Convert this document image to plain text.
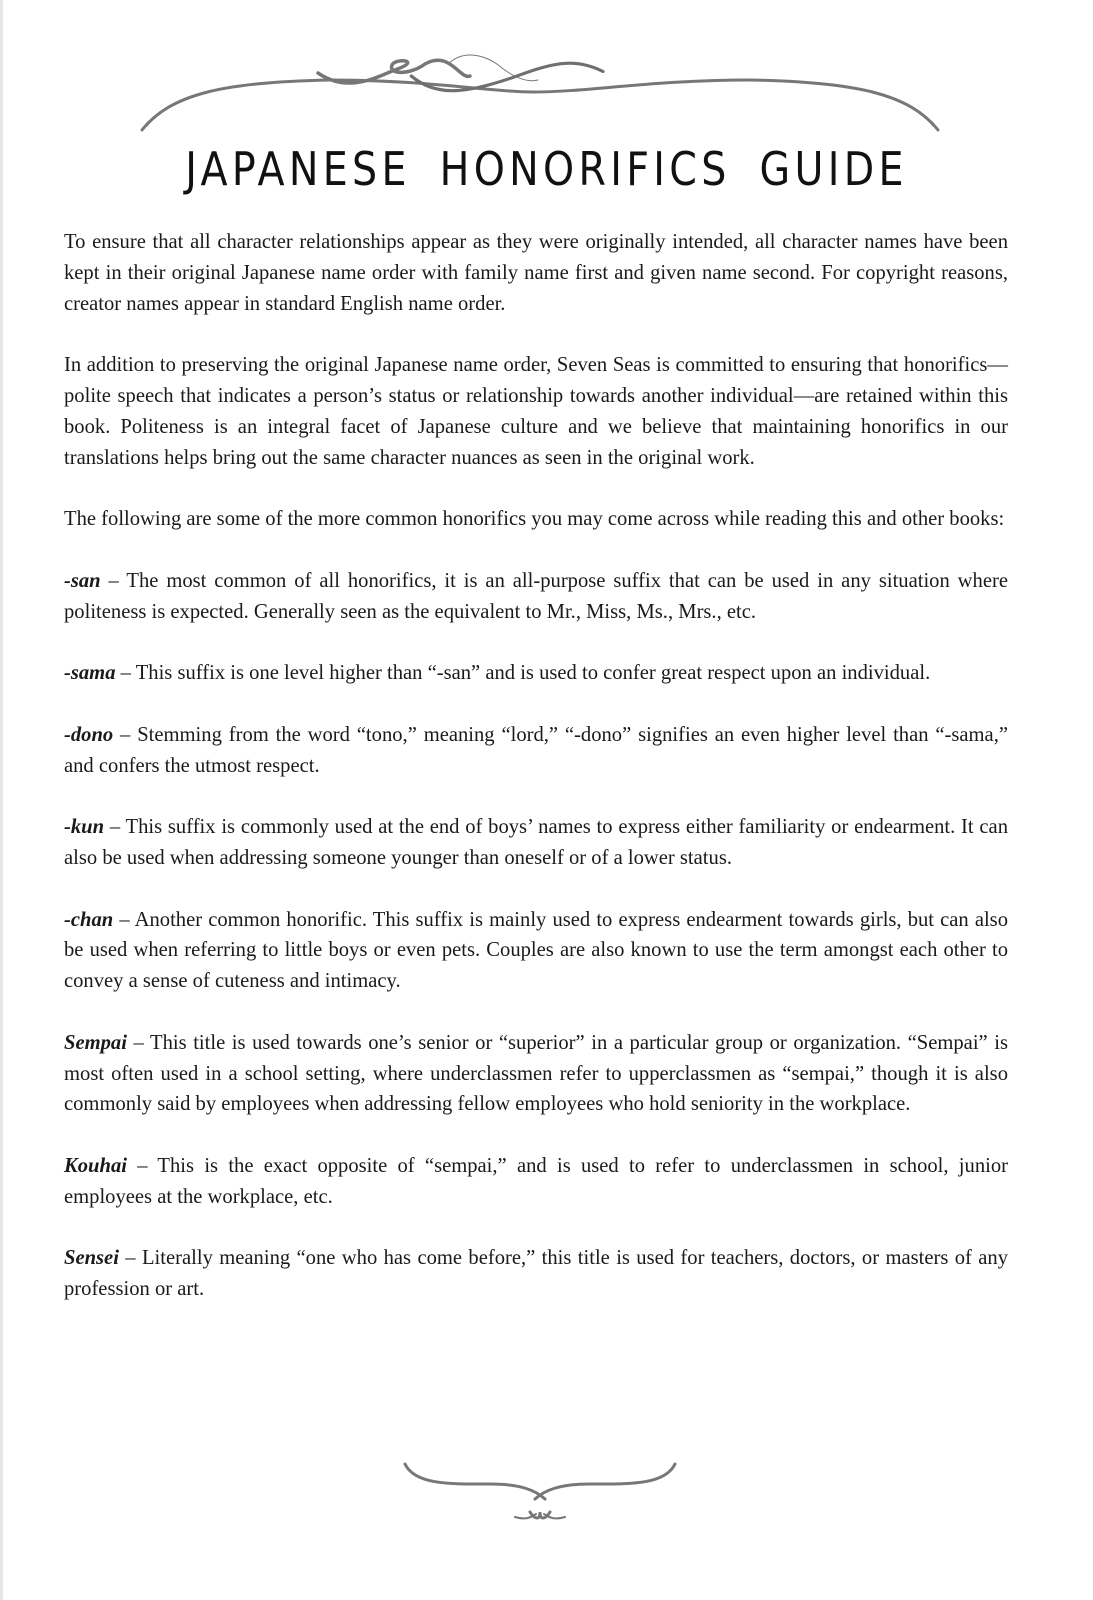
JAPANESE HONORIFICS GUIDE

To ensure that all character relationships appear as they were originally intended, all character names have been kept in their original Japanese name order with family name first and given name second. For copyright reasons, creator names appear in standard English name order.

In addition to preserving the original Japanese name order, Seven Seas is committed to ensuring that honorifics—polite speech that indicates a person’s status or relationship towards another individual—are retained within this book. Politeness is an integral facet of Japanese culture and we believe that maintaining honorifics in our translations helps bring out the same character nuances as seen in the original work.

The following are some of the more common honorifics you may come across while reading this and other books:

-san – The most common of all honorifics, it is an all-purpose suffix that can be used in any situation where politeness is expected. Generally seen as the equivalent to Mr., Miss, Ms., Mrs., etc.

-sama – This suffix is one level higher than “-san” and is used to confer great respect upon an individual.

-dono – Stemming from the word “tono,” meaning “lord,” “-dono” signifies an even higher level than “-sama,” and confers the utmost respect.

-kun – This suffix is commonly used at the end of boys’ names to express either familiarity or endearment. It can also be used when addressing someone younger than oneself or of a lower status.

-chan – Another common honorific. This suffix is mainly used to express endearment towards girls, but can also be used when referring to little boys or even pets. Couples are also known to use the term amongst each other to convey a sense of cuteness and intimacy.

Sempai – This title is used towards one’s senior or “superior” in a particular group or organization. “Sempai” is most often used in a school setting, where underclassmen refer to upperclassmen as “sempai,” though it is also commonly said by employees when addressing fellow employees who hold seniority in the workplace.

Kouhai – This is the exact opposite of “sempai,” and is used to refer to underclassmen in school, junior employees at the workplace, etc.

Sensei – Literally meaning “one who has come before,” this title is used for teachers, doctors, or masters of any profession or art.
